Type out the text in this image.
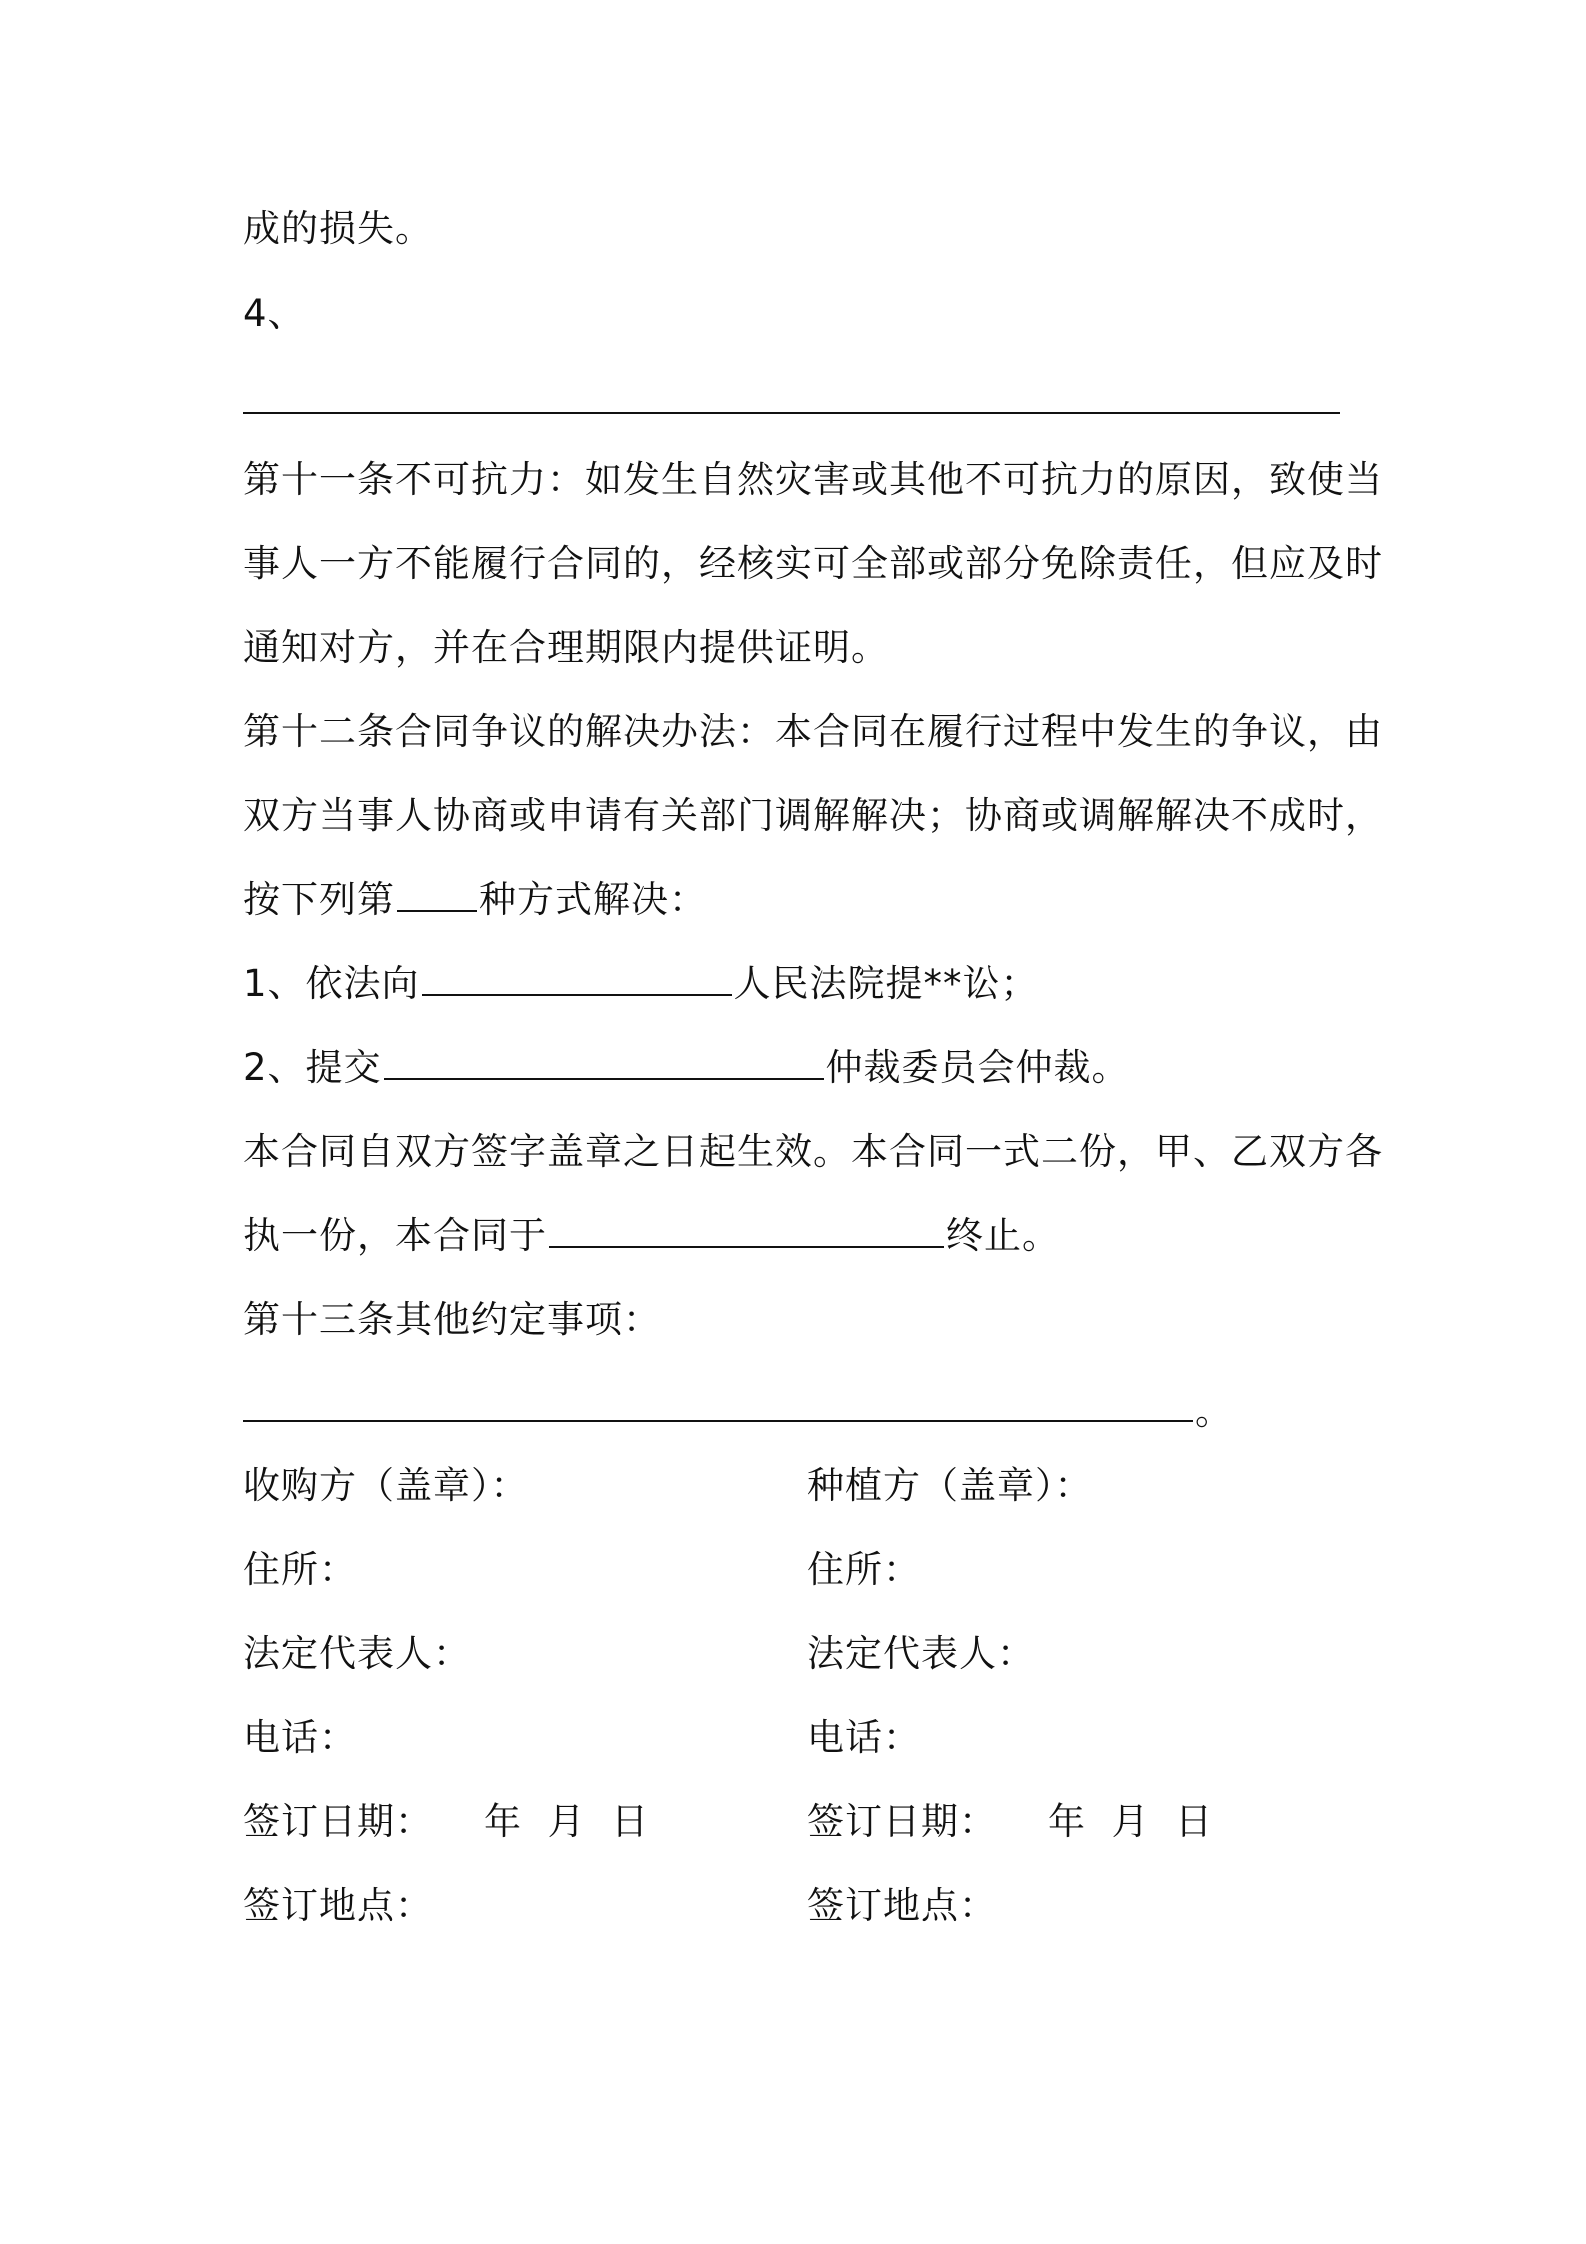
成的损失。
4、
第十一条不可抗力：如发生自然灾害或其他不可抗力的原因，致使当
事人一方不能履行合同的，经核实可全部或部分免除责任，但应及时
通知对方，并在合理期限内提供证明。
第十二条合同争议的解决办法：本合同在履行过程中发生的争议，由
双方当事人协商或申请有关部门调解解决；协商或调解解决不成时，
按下列第 种方式解决：
1、依法向	人民法院提**讼；
2、提交	仲裁委员会仲裁。
本合同自双方签字盖章之日起生效。本合同一式二份，甲、乙双方各
执一份，本合同于	终止。
第十三条其他约定事项：
。
收购方（盖章）：
住所：
法定代表人：
电话：
签订日期：    年  月  日
签订地点：
种植方（盖章）：
住所：
法定代表人：
电话：
签订日期：    年  月  日
签订地点：
